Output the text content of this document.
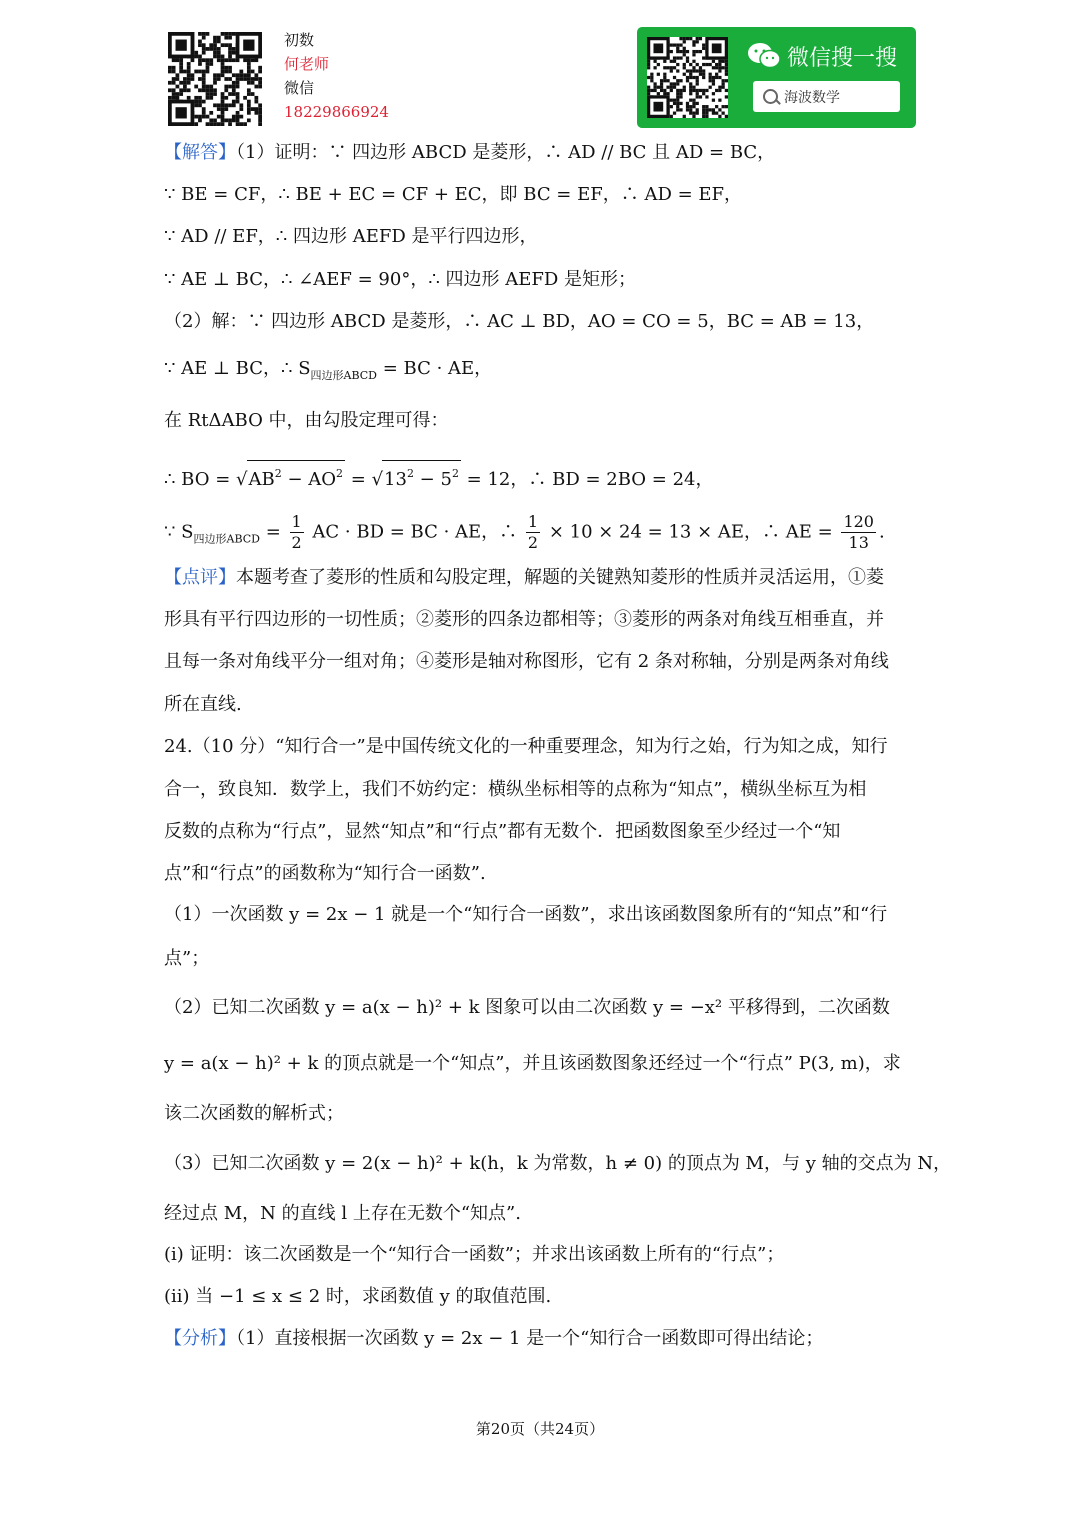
初数
何老师
微信
18229866924
微信搜一搜
海波数学
【解答】（1）证明：∵ 四边形 ABCD 是菱形，∴ AD // BC 且 AD = BC，
∵ BE = CF，∴ BE + EC = CF + EC，即 BC = EF，∴ AD = EF，
∵ AD // EF，∴ 四边形 AEFD 是平行四边形，
∵ AE ⊥ BC，∴ ∠AEF = 90°，∴ 四边形 AEFD 是矩形；
（2）解：∵ 四边形 ABCD 是菱形，∴ AC ⊥ BD，AO = CO = 5，BC = AB = 13，
∵ AE ⊥ BC，∴ $S_{四边形ABCD}$ = BC · AE，
在 RtΔABO 中，由勾股定理可得：
∴ BO = $√AB^2 - AO^2 = √13^2 - 5^2 = 12$，∴ BD = 2BO = 24，
∵ $S_{四边形ABCD} = \frac{1}{2}$ AC · BD = BC · AE，∴ $\frac{1}{2} \times 10 \times 24 = 13$ × AE，∴ AE = $\frac{120}{13}$ .
【点评】本题考查了菱形的性质和勾股定理，解题的关键熟知菱形的性质并灵活运用，①菱
形具有平行四边形的一切性质；②菱形的四条边都相等；③菱形的两条对角线互相垂直，并
且每一条对角线平分一组对角；④菱形是轴对称图形，它有 2 条对称轴，分别是两条对角线
所在直线.
24.（10 分）“知行合一”是中国传统文化的一种重要理念，知为行之始，行为知之成，知行
合一，致良知．数学上，我们不妨约定：横纵坐标相等的点称为“知点”，横纵坐标互为相
反数的点称为“行点”，显然“知点”和“行点”都有无数个．把函数图象至少经过一个“知
点”和“行点”的函数称为“知行合一函数”.
（1）一次函数 y = 2x − 1 就是一个“知行合一函数”，求出该函数图象所有的“知点”和“行
点”；
（2）已知二次函数 y = a(x − h)² + k 图象可以由二次函数 y = −x² 平移得到，二次函数
y = a(x − h)² + k 的顶点就是一个“知点”，并且该函数图象还经过一个“行点” P(3, m)，求
该二次函数的解析式；
（3）已知二次函数 y = 2(x − h)² + k(h，k 为常数，h ≠ 0) 的顶点为 M，与 y 轴的交点为 N，
经过点 M，N 的直线 l 上存在无数个“知点”.
(i) 证明：该二次函数是一个“知行合一函数”；并求出该函数上所有的“行点”；
(ii) 当 −1 ≤ x ≤ 2 时，求函数值 y 的取值范围.
【分析】（1）直接根据一次函数 y = 2x − 1 是一个“知行合一函数即可得出结论；
第20页（共24页）
